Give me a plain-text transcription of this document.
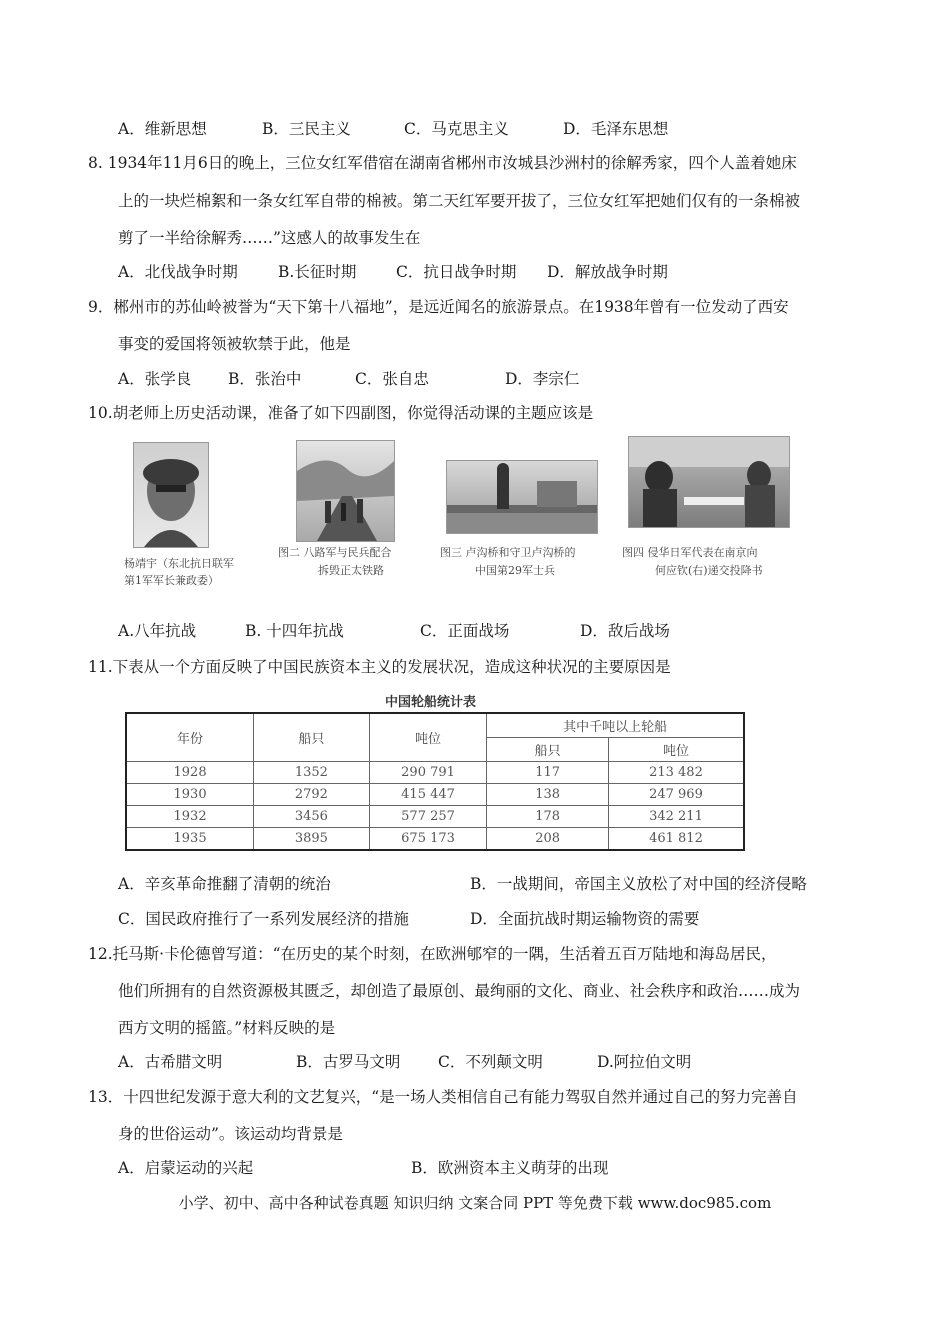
A．维新思想	B．三民主义	C．马克思主义	D．毛泽东思想
8. 1934年11月6日的晚上，三位女红军借宿在湖南省郴州市汝城县沙洲村的徐解秀家，四个人盖着她床
上的一块烂棉絮和一条女红军自带的棉被。第二天红军要开拔了，三位女红军把她们仅有的一条棉被
剪了一半给徐解秀……”这感人的故事发生在
A．北伐战争时期	B.长征时期	C．抗日战争时期 D．解放战争时期
9．郴州市的苏仙岭被誉为“天下第十八福地”，是远近闻名的旅游景点。在1938年曾有一位发动了西安
事变的爱国将领被软禁于此，他是
A．张学良 B．张治中	C．张自忠	D．李宗仁
10.胡老师上历史活动课，准备了如下四副图，你觉得活动课的主题应该是
杨靖宇（东北抗日联军
第1军军长兼政委）
图二 八路军与民兵配合
拆毁正太铁路
图三 卢沟桥和守卫卢沟桥的
中国第29军士兵
图四 侵华日军代表在南京向
何应钦(右)递交投降书
A.八年抗战	B. 十四年抗战	C．正面战场	D．敌后战场
11.下表从一个方面反映了中国民族资本主义的发展状况，造成这种状况的主要原因是
中国轮船统计表
年份	船只	吨位	其中千吨以上轮船	
			船只	吨位
1928	1352	290 791	117	213 482
1930	2792	415 447	138	247 969
1932	3456	577 257	178	342 211
1935	3895	675 173	208	461 812
A．辛亥革命推翻了清朝的统治	B．一战期间，帝国主义放松了对中国的经济侵略
C．国民政府推行了一系列发展经济的措施	D．全面抗战时期运输物资的需要
12.托马斯·卡伦德曾写道：“在历史的某个时刻，在欧洲郇窄的一隅，生活着五百万陆地和海岛居民，
他们所拥有的自然资源极其匮乏，却创造了最原创、最绚丽的文化、商业、社会秩序和政治……成为
西方文明的摇篮。”材料反映的是
A．古希腊文明	B．古罗马文明 C．不列颠文明	D.阿拉伯文明
13．十四世纪发源于意大利的文艺复兴，“是一场人类相信自己有能力驾驭自然并通过自己的努力完善自
身的世俗运动”。该运动均背景是
A．启蒙运动的兴起	B．欧洲资本主义萌芽的出现
小学、初中、高中各种试卷真题 知识归纳 文案合同 PPT 等免费下载 www.doc985.com
